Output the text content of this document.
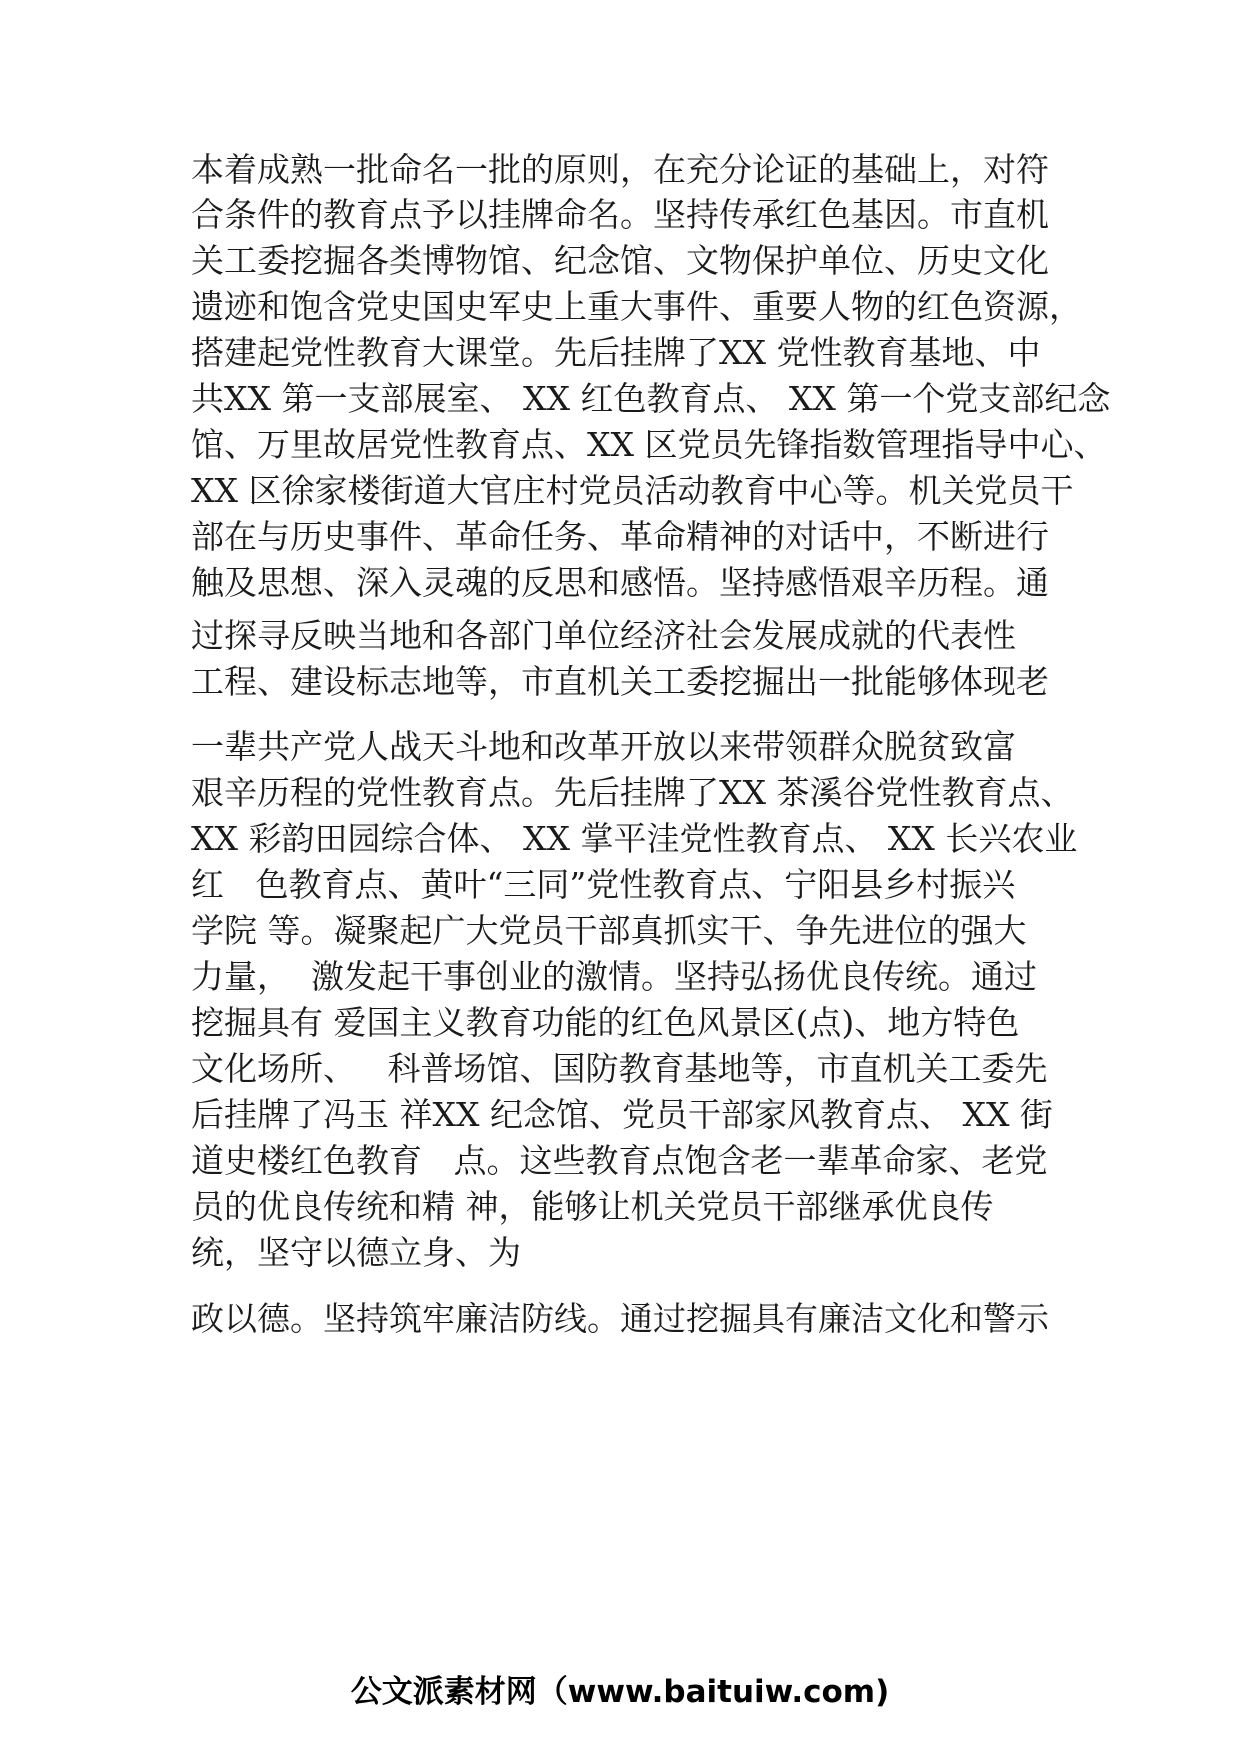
本着成熟一批命名一批的原则，在充分论证的基础上，对符

合条件的教育点予以挂牌命名。坚持传承红色基因。市直机

关工委挖掘各类博物馆、纪念馆、文物保护单位、历史文化

遗迹和饱含党史国史军史上重大事件、重要人物的红色资源，

搭建起党性教育大课堂。先后挂牌了XX 党性教育基地、中

共XX 第一支部展室、 XX 红色教育点、 XX 第一个党支部纪念

馆、万里故居党性教育点、XX 区党员先锋指数管理指导中心、

XX 区徐家楼街道大官庄村党员活动教育中心等。机关党员干

部在与历史事件、革命任务、革命精神的对话中，不断进行

触及思想、深入灵魂的反思和感悟。坚持感悟艰辛历程。通

过探寻反映当地和各部门单位经济社会发展成就的代表性

工程、建设标志地等，市直机关工委挖掘出一批能够体现老

一辈共产党人战天斗地和改革开放以来带领群众脱贫致富

艰辛历程的党性教育点。先后挂牌了XX 茶溪谷党性教育点、

XX 彩韵田园综合体、 XX 掌平洼党性教育点、 XX 长兴农业

红   色教育点、黄叶“三同”党性教育点、宁阳县乡村振兴

学院 等。凝聚起广大党员干部真抓实干、争先进位的强大

力量，  激发起干事创业的激情。坚持弘扬优良传统。通过

挖掘具有 爱国主义教育功能的红色风景区(点)、地方特色

文化场所、   科普场馆、国防教育基地等，市直机关工委先

后挂牌了冯玉 祥XX 纪念馆、党员干部家风教育点、 XX 街

道史楼红色教育   点。这些教育点饱含老一辈革命家、老党

员的优良传统和精 神，能够让机关党员干部继承优良传

统，坚守以德立身、为

政以德。坚持筑牢廉洁防线。通过挖掘具有廉洁文化和警示

公文派素材网（www.baituiw.com)
